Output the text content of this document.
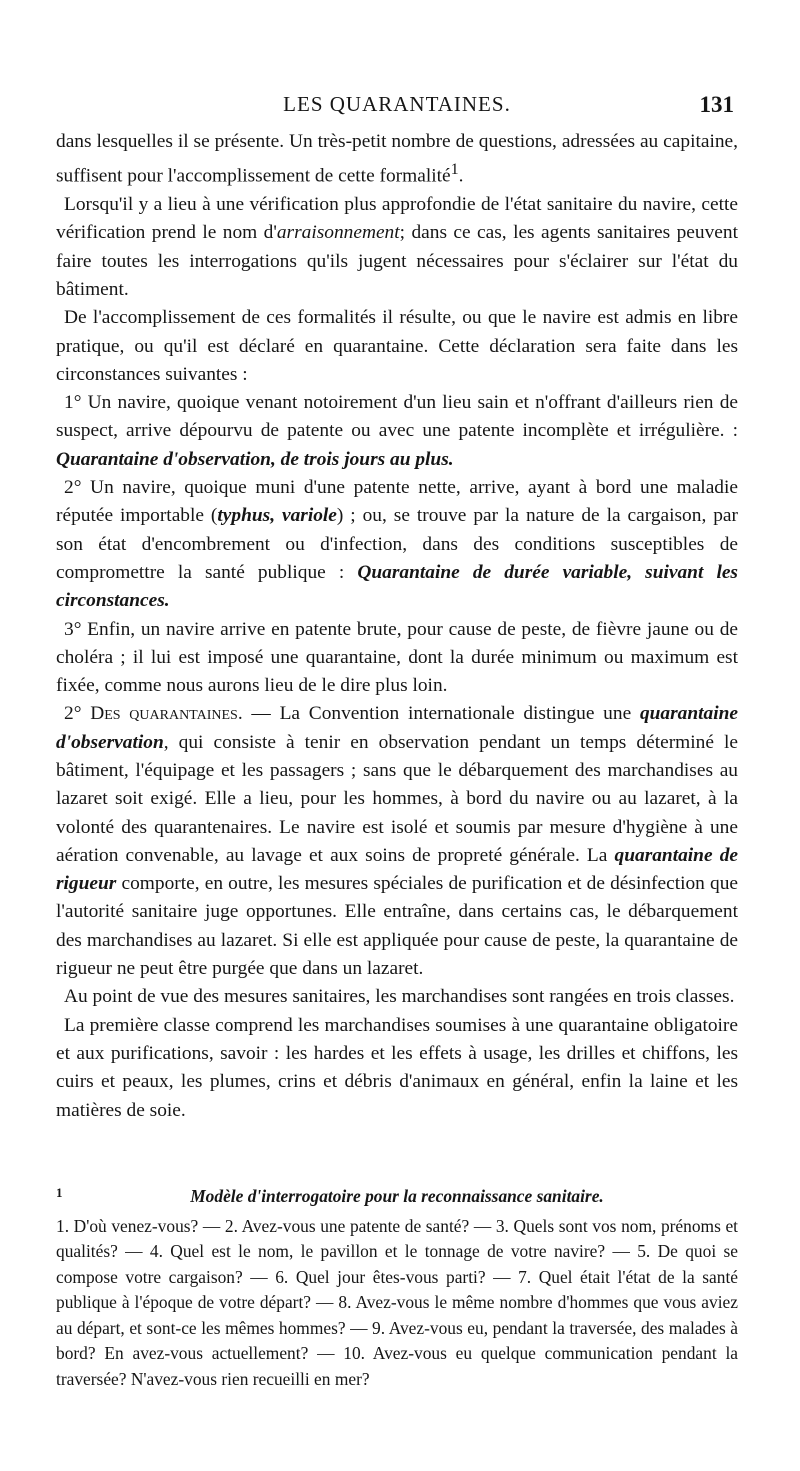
LES QUARANTAINES.	131

dans lesquelles il se présente. Un très-petit nombre de questions, adressées au capitaine, suffisent pour l'accomplissement de cette formalité$^1$.

Lorsqu'il y a lieu à une vérification plus approfondie de l'état sanitaire du navire, cette vérification prend le nom d'arraisonnement; dans ce cas, les agents sanitaires peuvent faire toutes les interrogations qu'ils jugent nécessaires pour s'éclairer sur l'état du bâtiment.

De l'accomplissement de ces formalités il résulte, ou que le navire est admis en libre pratique, ou qu'il est déclaré en quarantaine. Cette déclaration sera faite dans les circonstances suivantes :

1° Un navire, quoique venant notoirement d'un lieu sain et n'offrant d'ailleurs rien de suspect, arrive dépourvu de patente ou avec une patente incomplète et irrégulière. : Quarantaine d'observation, de trois jours au plus.

2° Un navire, quoique muni d'une patente nette, arrive, ayant à bord une maladie réputée importable (typhus, variole) ; ou, se trouve par la nature de la cargaison, par son état d'encombrement ou d'infection, dans des conditions susceptibles de compromettre la santé publique : Quarantaine de durée variable, suivant les circonstances.

3° Enfin, un navire arrive en patente brute, pour cause de peste, de fièvre jaune ou de choléra ; il lui est imposé une quarantaine, dont la durée minimum ou maximum est fixée, comme nous aurons lieu de le dire plus loin.

2° Des quarantaines. — La Convention internationale distingue une quarantaine d'observation, qui consiste à tenir en observation pendant un temps déterminé le bâtiment, l'équipage et les passagers ; sans que le débarquement des marchandises au lazaret soit exigé. Elle a lieu, pour les hommes, à bord du navire ou au lazaret, à la volonté des quarantenaires. Le navire est isolé et soumis par mesure d'hygiène à une aération convenable, au lavage et aux soins de propreté générale. La quarantaine de rigueur comporte, en outre, les mesures spéciales de purification et de désinfection que l'autorité sanitaire juge opportunes. Elle entraîne, dans certains cas, le débarquement des marchandises au lazaret. Si elle est appliquée pour cause de peste, la quarantaine de rigueur ne peut être purgée que dans un lazaret.

Au point de vue des mesures sanitaires, les marchandises sont rangées en trois classes.

La première classe comprend les marchandises soumises à une quarantaine obligatoire et aux purifications, savoir : les hardes et les effets à usage, les drilles et chiffons, les cuirs et peaux, les plumes, crins et débris d'animaux en général, enfin la laine et les matières de soie.

1	Modèle d'interrogatoire pour la reconnaissance sanitaire.

1. D'où venez-vous? — 2. Avez-vous une patente de santé? — 3. Quels sont vos nom, prénoms et qualités? — 4. Quel est le nom, le pavillon et le tonnage de votre navire? — 5. De quoi se compose votre cargaison? — 6. Quel jour êtes-vous parti? — 7. Quel était l'état de la santé publique à l'époque de votre départ? — 8. Avez-vous le même nombre d'hommes que vous aviez au départ, et sont-ce les mêmes hommes? — 9. Avez-vous eu, pendant la traversée, des malades à bord? En avez-vous actuellement? — 10. Avez-vous eu quelque communication pendant la traversée? N'avez-vous rien recueilli en mer?
